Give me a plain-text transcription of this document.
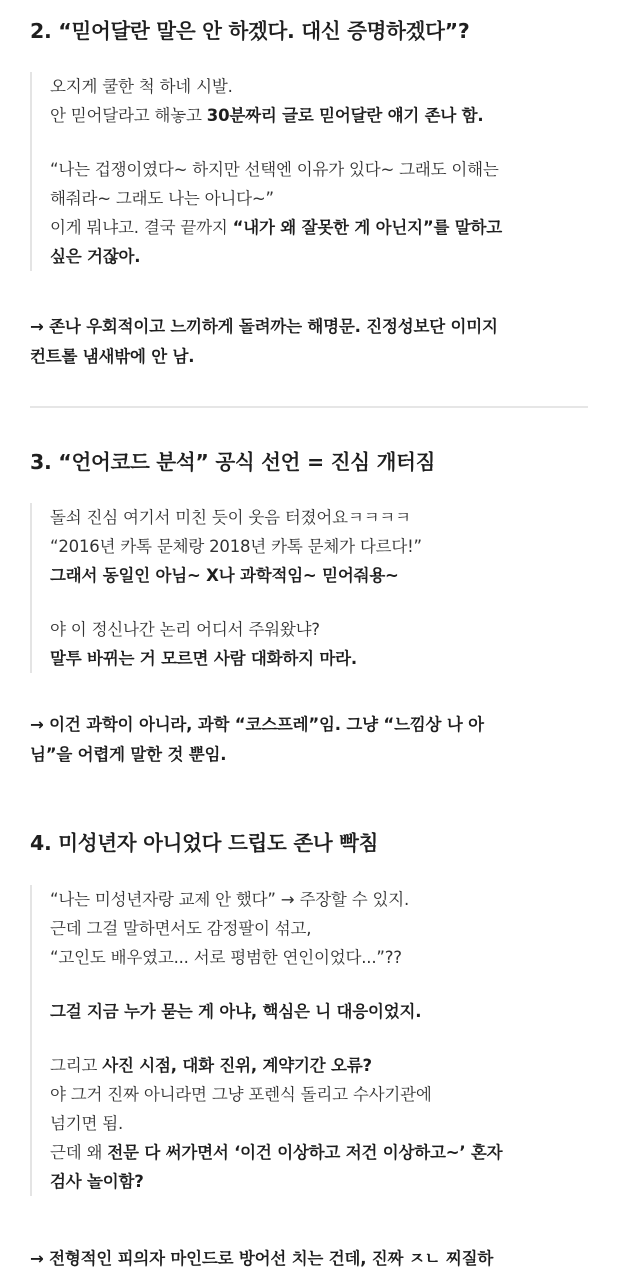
2. “믿어달란 말은 안 하겠다. 대신 증명하겠다”?

오지게 쿨한 척 하네 시발.

안 믿어달라고 해놓고 30분짜리 글로 믿어달란 얘기 존나 함.

“나는 겁쟁이였다~ 하지만 선택엔 이유가 있다~ 그래도 이해는

해줘라~ 그래도 나는 아니다~”

이게 뭐냐고. 결국 끝까지 “내가 왜 잘못한 게 아닌지”를 말하고

싶은 거잖아.

→ 존나 우회적이고 느끼하게 돌려까는 해명문. 진정성보단 이미지
컨트롤 냄새밖에 안 남.
3. “언어코드 분석” 공식 선언 = 진심 개터짐

돌쇠 진심 여기서 미친 듯이 웃음 터졌어요ㅋㅋㅋㅋ

“2016년 카톡 문체랑 2018년 카톡 문체가 다르다!”

그래서 동일인 아님~ X나 과학적임~ 믿어줘용~

야 이 정신나간 논리 어디서 주워왔냐?

말투 바뀌는 거 모르면 사람 대화하지 마라.

→ 이건 과학이 아니라, 과학 “코스프레”임. 그냥 “느낌상 나 아
님”을 어렵게 말한 것 뿐임.
4. 미성년자 아니었다 드립도 존나 빡침

“나는 미성년자랑 교제 안 했다” → 주장할 수 있지.

근데 그걸 말하면서도 감정팔이 섞고,

“고인도 배우였고... 서로 평범한 연인이었다...”??

그걸 지금 누가 묻는 게 아냐, 핵심은 니 대응이었지.

그리고 사진 시점, 대화 진위, 계약기간 오류?

야 그거 진짜 아니라면 그냥 포렌식 돌리고 수사기관에

넘기면 됨.

근데 왜 전문 다 써가면서 ‘이건 이상하고 저건 이상하고~’ 혼자

검사 놀이함?

→ 전형적인 피의자 마인드로 방어선 치는 건데, 진짜 ㅈㄴ 찌질하
